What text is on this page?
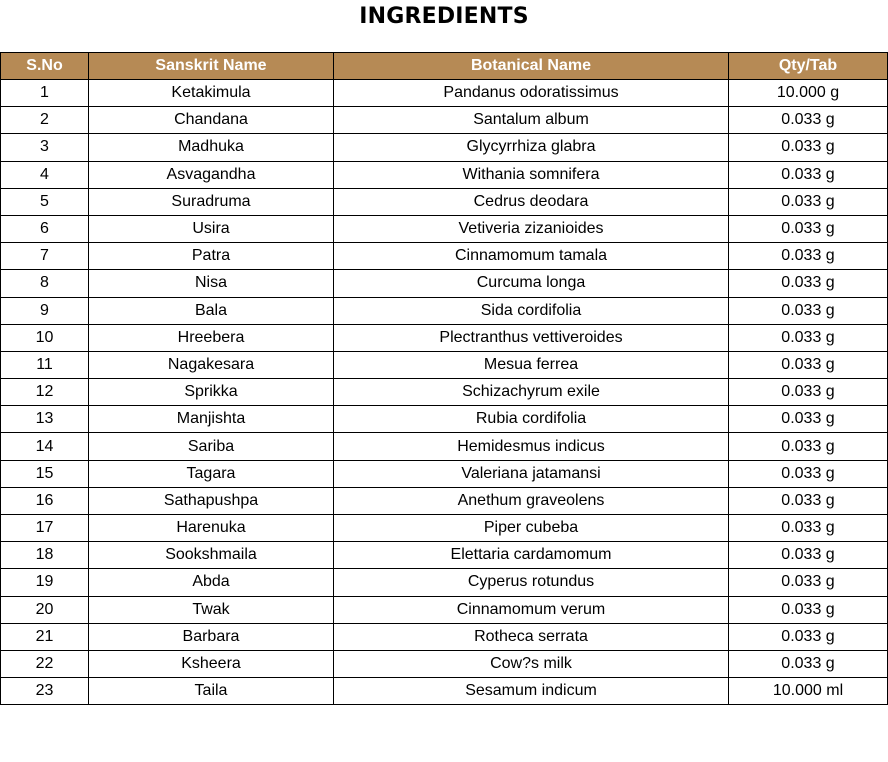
INGREDIENTS
S.No	Sanskrit Name	Botanical Name	Qty/Tab
1	Ketakimula	Pandanus odoratissimus	10.000 g
2	Chandana	Santalum album	0.033 g
3	Madhuka	Glycyrrhiza glabra	0.033 g
4	Asvagandha	Withania somnifera	0.033 g
5	Suradruma	Cedrus deodara	0.033 g
6	Usira	Vetiveria zizanioides	0.033 g
7	Patra	Cinnamomum tamala	0.033 g
8	Nisa	Curcuma longa	0.033 g
9	Bala	Sida cordifolia	0.033 g
10	Hreebera	Plectranthus vettiveroides	0.033 g
11	Nagakesara	Mesua ferrea	0.033 g
12	Sprikka	Schizachyrum exile	0.033 g
13	Manjishta	Rubia cordifolia	0.033 g
14	Sariba	Hemidesmus indicus	0.033 g
15	Tagara	Valeriana jatamansi	0.033 g
16	Sathapushpa	Anethum graveolens	0.033 g
17	Harenuka	Piper cubeba	0.033 g
18	Sookshmaila	Elettaria cardamomum	0.033 g
19	Abda	Cyperus rotundus	0.033 g
20	Twak	Cinnamomum verum	0.033 g
21	Barbara	Rotheca serrata	0.033 g
22	Ksheera	Cow?s milk	0.033 g
23	Taila	Sesamum indicum	10.000 ml
